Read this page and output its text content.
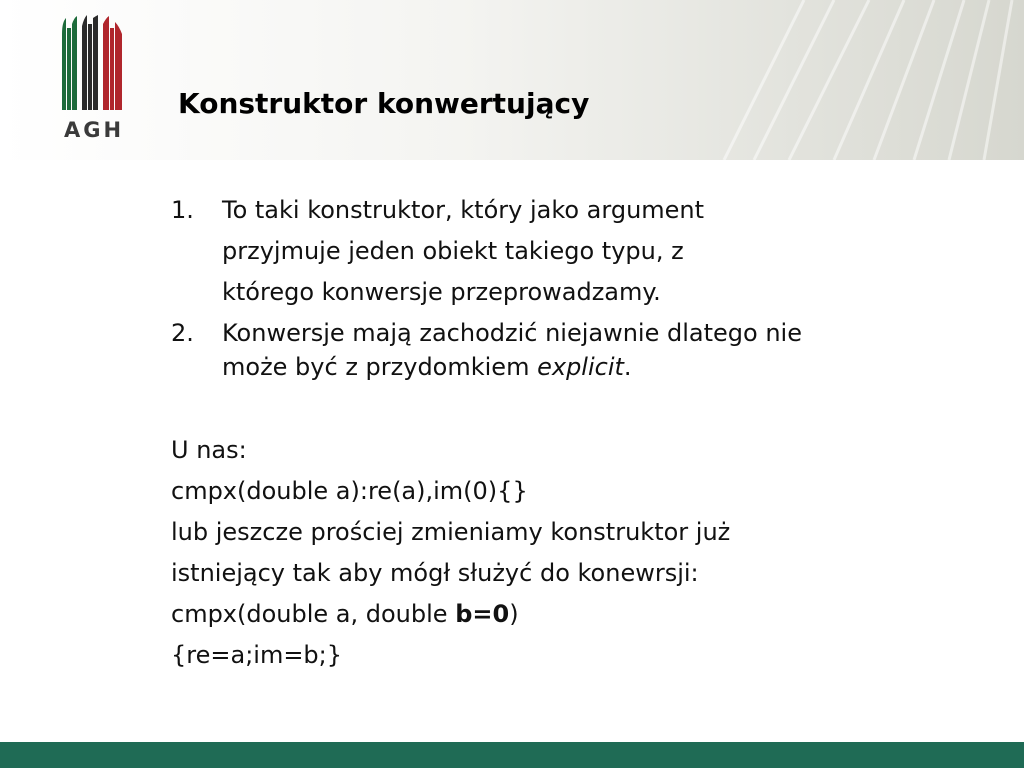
AGH
Konstruktor konwertujący
1. To taki konstruktor, który jako argument
przyjmuje jeden obiekt takiego typu, z
którego konwersje przeprowadzamy.
2. Konwersje mają zachodzić niejawnie dlatego nie
może być z przydomkiem explicit.
U nas:
cmpx(double a):re(a),im(0){}
lub jeszcze prościej zmieniamy konstruktor już
istniejący tak aby mógł służyć do konewrsji:
cmpx(double a, double b=0)
{re=a;im=b;}
